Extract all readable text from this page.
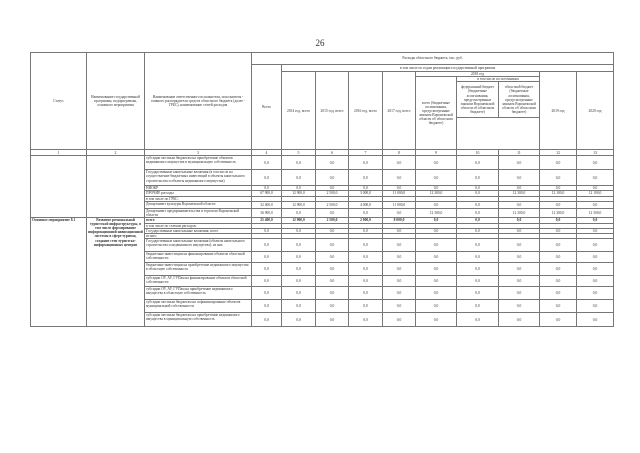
26
Статус	Наименование государственной программы, подпрограммы, основного мероприятия	Наименование ответственного исполнителя, исполнителя - главного распорядителя средств областного бюджета (далее - ГРБС), наименование статей расходов	Расходы областного бюджета, тыс. руб.									
			Всего	в том числе по годам реализации государственной программы								
				2014 год, всего	2015 год, всего	2016 год, всего	2017 год, всего	2018 год			2019 год	2020 год
								всего (бюджетные ассигнования, предусмотренные законом Воронежской области об областном бюджете)	в том числе по источникам			
									федеральный бюджет (бюджетные ассигнования, предусмотренные законом Воронежской области об областном бюджете)	областной бюджет (бюджетные ассигнования, предусмотренные законом Воронежской области об областном бюджете)		

1	2	3	4	5	6	7	8	9	10	11	12	13
		субсидии местным бюджетам на приобретение объектов недвижимого имущества в муниципальную собственность	0,0	0,0	0,0	0,0	0,0	0,0	0,0	0,0	0,0	0,0
		Государственные капитальные вложения (в том числе на осуществление бюджетных инвестиций в объекты капитального строительства и объекты недвижимого имущества)	0,0	0,0	0,0	0,0	0,0	0,0	0,0	0,0	0,0	0,0
		НИОКР	0,0	0,0	0,0	0,0	0,0	0,0	0,0	0,0	0,0	0,0
		ПРОЧИЕ расходы	67 900,0	12 900,0	2 500,0	3 000,0	11 000,0	12 300,0	0,0	12 300,0	12 100,0	12 100,0
		в том числе по ГРБС:										
		Департамент культуры Воронежской области	32 400,0	12 900,0	2 500,0	4 000,0	11 000,0	0,0	0,0	0,0	0,0	0,0
		Департамент предпринимательства и торговли Воронежской области	36 900,0	0,0	0,0	0,0	0,0	12 300,0	0,0	12 300,0	12 300,0	12 300,0
Основное мероприятие 8.1	Развитие региональной туристской инфраструктуры, в том числе формирование информационной навигационной системы в сфере туризма, создание сети туристско-информационных центров	всего	25 400,0	12 900,0	2 500,0	2 000,0	8 000,0	0,0	0,0	0,0	0,0	0,0
		в том числе по статьям расходов:										
		Государственные капитальные вложения, всего	0,0	0,0	0,0	0,0	0,0	0,0	0,0	0,0	0,0	0,0
		из них:										
		Государственные капитальные вложения (объекты капитального строительства и недвижимого имущества), из них	0,0	0,0	0,0	0,0	0,0	0,0	0,0	0,0	0,0	0,0
		бюджетные инвестиции на финансирование объектов областной собственности	0,0	0,0	0,0	0,0	0,0	0,0	0,0	0,0	0,0	0,0
		бюджетные инвестиции на приобретение недвижимого имущества в областную собственность	0,0	0,0	0,0	0,0	0,0	0,0	0,0	0,0	0,0	0,0
		субсидии ОУ, АУ, ГУПам на финансирование объектов областной собственности	0,0	0,0	0,0	0,0	0,0	0,0	0,0	0,0	0,0	0,0
		субсидии ОУ, АУ, ГУПам на приобретение недвижимого имущества в областную собственность	0,0	0,0	0,0	0,0	0,0	0,0	0,0	0,0	0,0	0,0
		субсидии местным бюджетам на софинансирование объектов муниципальной собственности	0,0	0,0	0,0	0,0	0,0	0,0	0,0	0,0	0,0	0,0
		субсидии местным бюджетам на приобретение недвижимого имущества в муниципальную собственность	0,0	0,0	0,0	0,0	0,0	0,0	0,0	0,0	0,0	0,0
